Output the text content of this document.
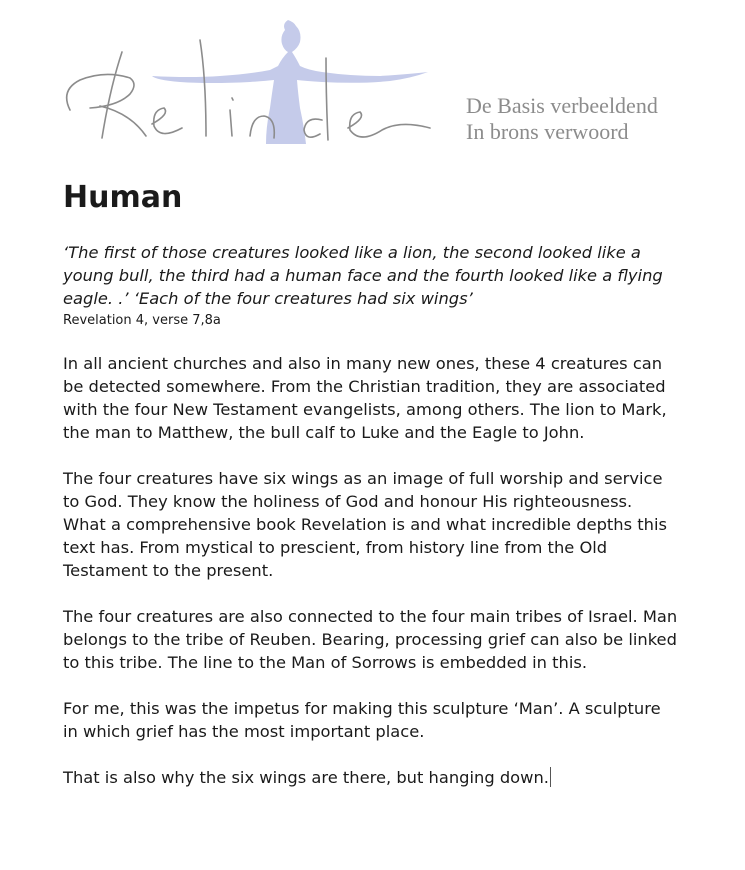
De Basis verbeeldend
In brons verwoord
Human

‘The first of those creatures looked like a lion, the second looked like a young bull, the third had a human face and the fourth looked like a flying eagle. .’ ‘Each of the four creatures had six wings’

Revelation 4, verse 7,8a

In all ancient churches and also in many new ones, these 4 creatures can be detected somewhere. From the Christian tradition, they are associated with the four New Testament evangelists, among others. The lion to Mark, the man to Matthew, the bull calf to Luke and the Eagle to John.

The four creatures have six wings as an image of full worship and service to God. They know the holiness of God and honour His righteousness.

What a comprehensive book Revelation is and what incredible depths this text has. From mystical to prescient, from history line from the Old Testament to the present.

The four creatures are also connected to the four main tribes of Israel. Man belongs to the tribe of Reuben. Bearing, processing grief can also be linked to this tribe. The line to the Man of Sorrows is embedded in this.

For me, this was the impetus for making this sculpture ‘Man’. A sculpture in which grief has the most important place.

That is also why the six wings are there, but hanging down.
